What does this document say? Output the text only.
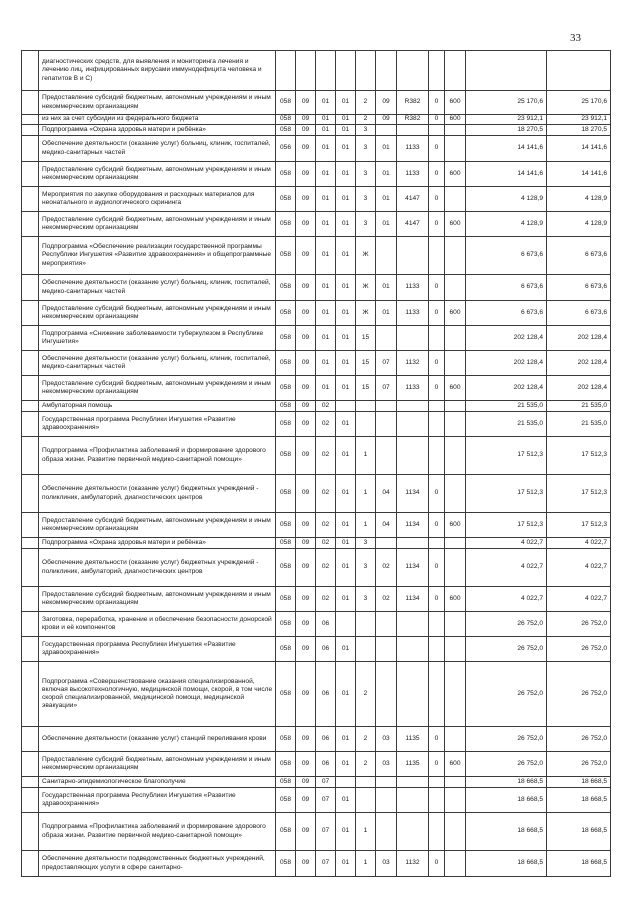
33
	диагностических средств, для выявления и мониторинга лечения и лечению лиц, инфицированных вирусами иммунодефицита человека и гепатитов B и C)											
	Предоставление субсидий бюджетным, автономным учреждениям и иным некоммерческим организациям	058	09	01	01	2	09	R382	0	600	25 170,6	25 170,6
	из них за счет субсидии из федерального бюджета	058	09	01	01	2	09	R382	0	600	23 912,1	23 912,1
	Подпрограмма «Охрана здоровья матери и ребёнка»	058	09	01	01	3					18 270,5	18 270,5
	Обеспечение деятельности (оказание услуг) больниц, клиник, госпиталей, медико-санитарных частей	056	09	01	01	3	01	1133	0		14 141,6	14 141,6
	Предоставление субсидий бюджетным, автономным учреждениям и иным некоммерческим организациям	058	09	01	01	3	01	1133	0	600	14 141,6	14 141,6
	Мероприятия по закупке оборудования и расходных материалов для неонатального и аудиологического скрининга	058	09	01	01	3	01	4147	0		4 128,9	4 128,9
	Предоставление субсидий бюджетным, автономным учреждениям и иным некоммерческим организациям	058	09	01	01	3	01	4147	0	600	4 128,9	4 128,9
	Подпрограмма «Обеспечение реализации государственной программы Республики Ингушетия «Развитие здравоохранения» и общепрограммные мероприятия»	058	09	01	01	Ж					6 673,6	6 673,6
	Обеспечение деятельности (оказание услуг) больниц, клиник, госпиталей, медико-санитарных частей	058	09	01	01	Ж	01	1133	0		6 673,6	6 673,6
	Предоставление субсидий бюджетным, автономным учреждениям и иным некоммерческим организациям	058	09	01	01	Ж	01	1133	0	600	6 673,6	6 673,6
	Подпрограмма «Снижение заболеваемости туберкулезом в Республике Ингушетия»	058	09	01	01	15					202 128,4	202 128,4
	Обеспечение деятельности (оказание услуг) больниц, клиник, госпиталей, медико-санитарных частей	058	09	01	01	15	07	1132	0		202 128,4	202 128,4
	Предоставление субсидий бюджетным, автономным учреждениям и иным некоммерческим организациям	058	09	01	01	15	07	1133	0	600	202 128,4	202 128,4
	Амбулаторная помощь	058	09	02							21 535,0	21 535,0
	Государственная программа Республики Ингушетия «Развитие здравоохранения»	058	09	02	01						21 535,0	21 535,0
	Подпрограмма «Профилактика заболеваний и формирование здорового образа жизни. Развитие первичной медико-санитарной помощи»	058	09	02	01	1					17 512,3	17 512,3
	Обеспечение деятельности (оказание услуг) бюджетных учреждений - поликлиник, амбулаторий, диагностических центров	058	09	02	01	1	04	1134	0		17 512,3	17 512,3
	Предоставление субсидий бюджетным, автономным учреждениям и иным некоммерческим организациям	058	09	02	01	1	04	1134	0	600	17 512,3	17 512,3
	Подпрограмма «Охрана здоровья матери и ребёнка»	058	09	02	01	3					4 022,7	4 022,7
	Обеспечение деятельности (оказание услуг) бюджетных учреждений - поликлиник, амбулаторий, диагностических центров	058	09	02	01	3	02	1134	0		4 022,7	4 022,7
	Предоставление субсидий бюджетным, автономным учреждениям и иным некоммерческим организациям	058	09	02	01	3	02	1134	0	600	4 022,7	4 022,7
	Заготовка, переработка, хранение и обеспечение безопасности донорской крови и её компонентов	058	09	06							26 752,0	26 752,0
	Государственная программа Республики Ингушетия «Развитие здравоохранения»	058	09	06	01						26 752,0	26 752,0
	Подпрограмма «Совершенствование оказания специализированной, включая высокотехнологичную, медицинской помощи, скорой, в том числе скорой специализированной, медицинской помощи, медицинской эвакуации»	058	09	06	01	2					26 752,0	26 752,0
	Обеспечение деятельности (оказание услуг) станций переливания крови	058	09	06	01	2	03	1135	0		26 752,0	26 752,0
	Предоставление субсидий бюджетным, автономным учреждениям и иным некоммерческим организациям	058	09	06	01	2	03	1135	0	600	26 752,0	26 752,0
	Санитарно-эпидемиологическое благополучие	058	09	07							18 668,5	18 668,5
	Государственная программа Республики Ингушетия «Развитие здравоохранения»	058	09	07	01						18 668,5	18 668,5
	Подпрограмма «Профилактика заболеваний и формирование здорового образа жизни. Развитие первичной медико-санитарной помощи»	058	09	07	01	1					18 668,5	18 668,5
	Обеспечение деятельности подведомственных бюджетных учреждений, предоставляющих услуги в сфере санитарно-	058	09	07	01	1	03	1132	0		18 668,5	18 668,5
